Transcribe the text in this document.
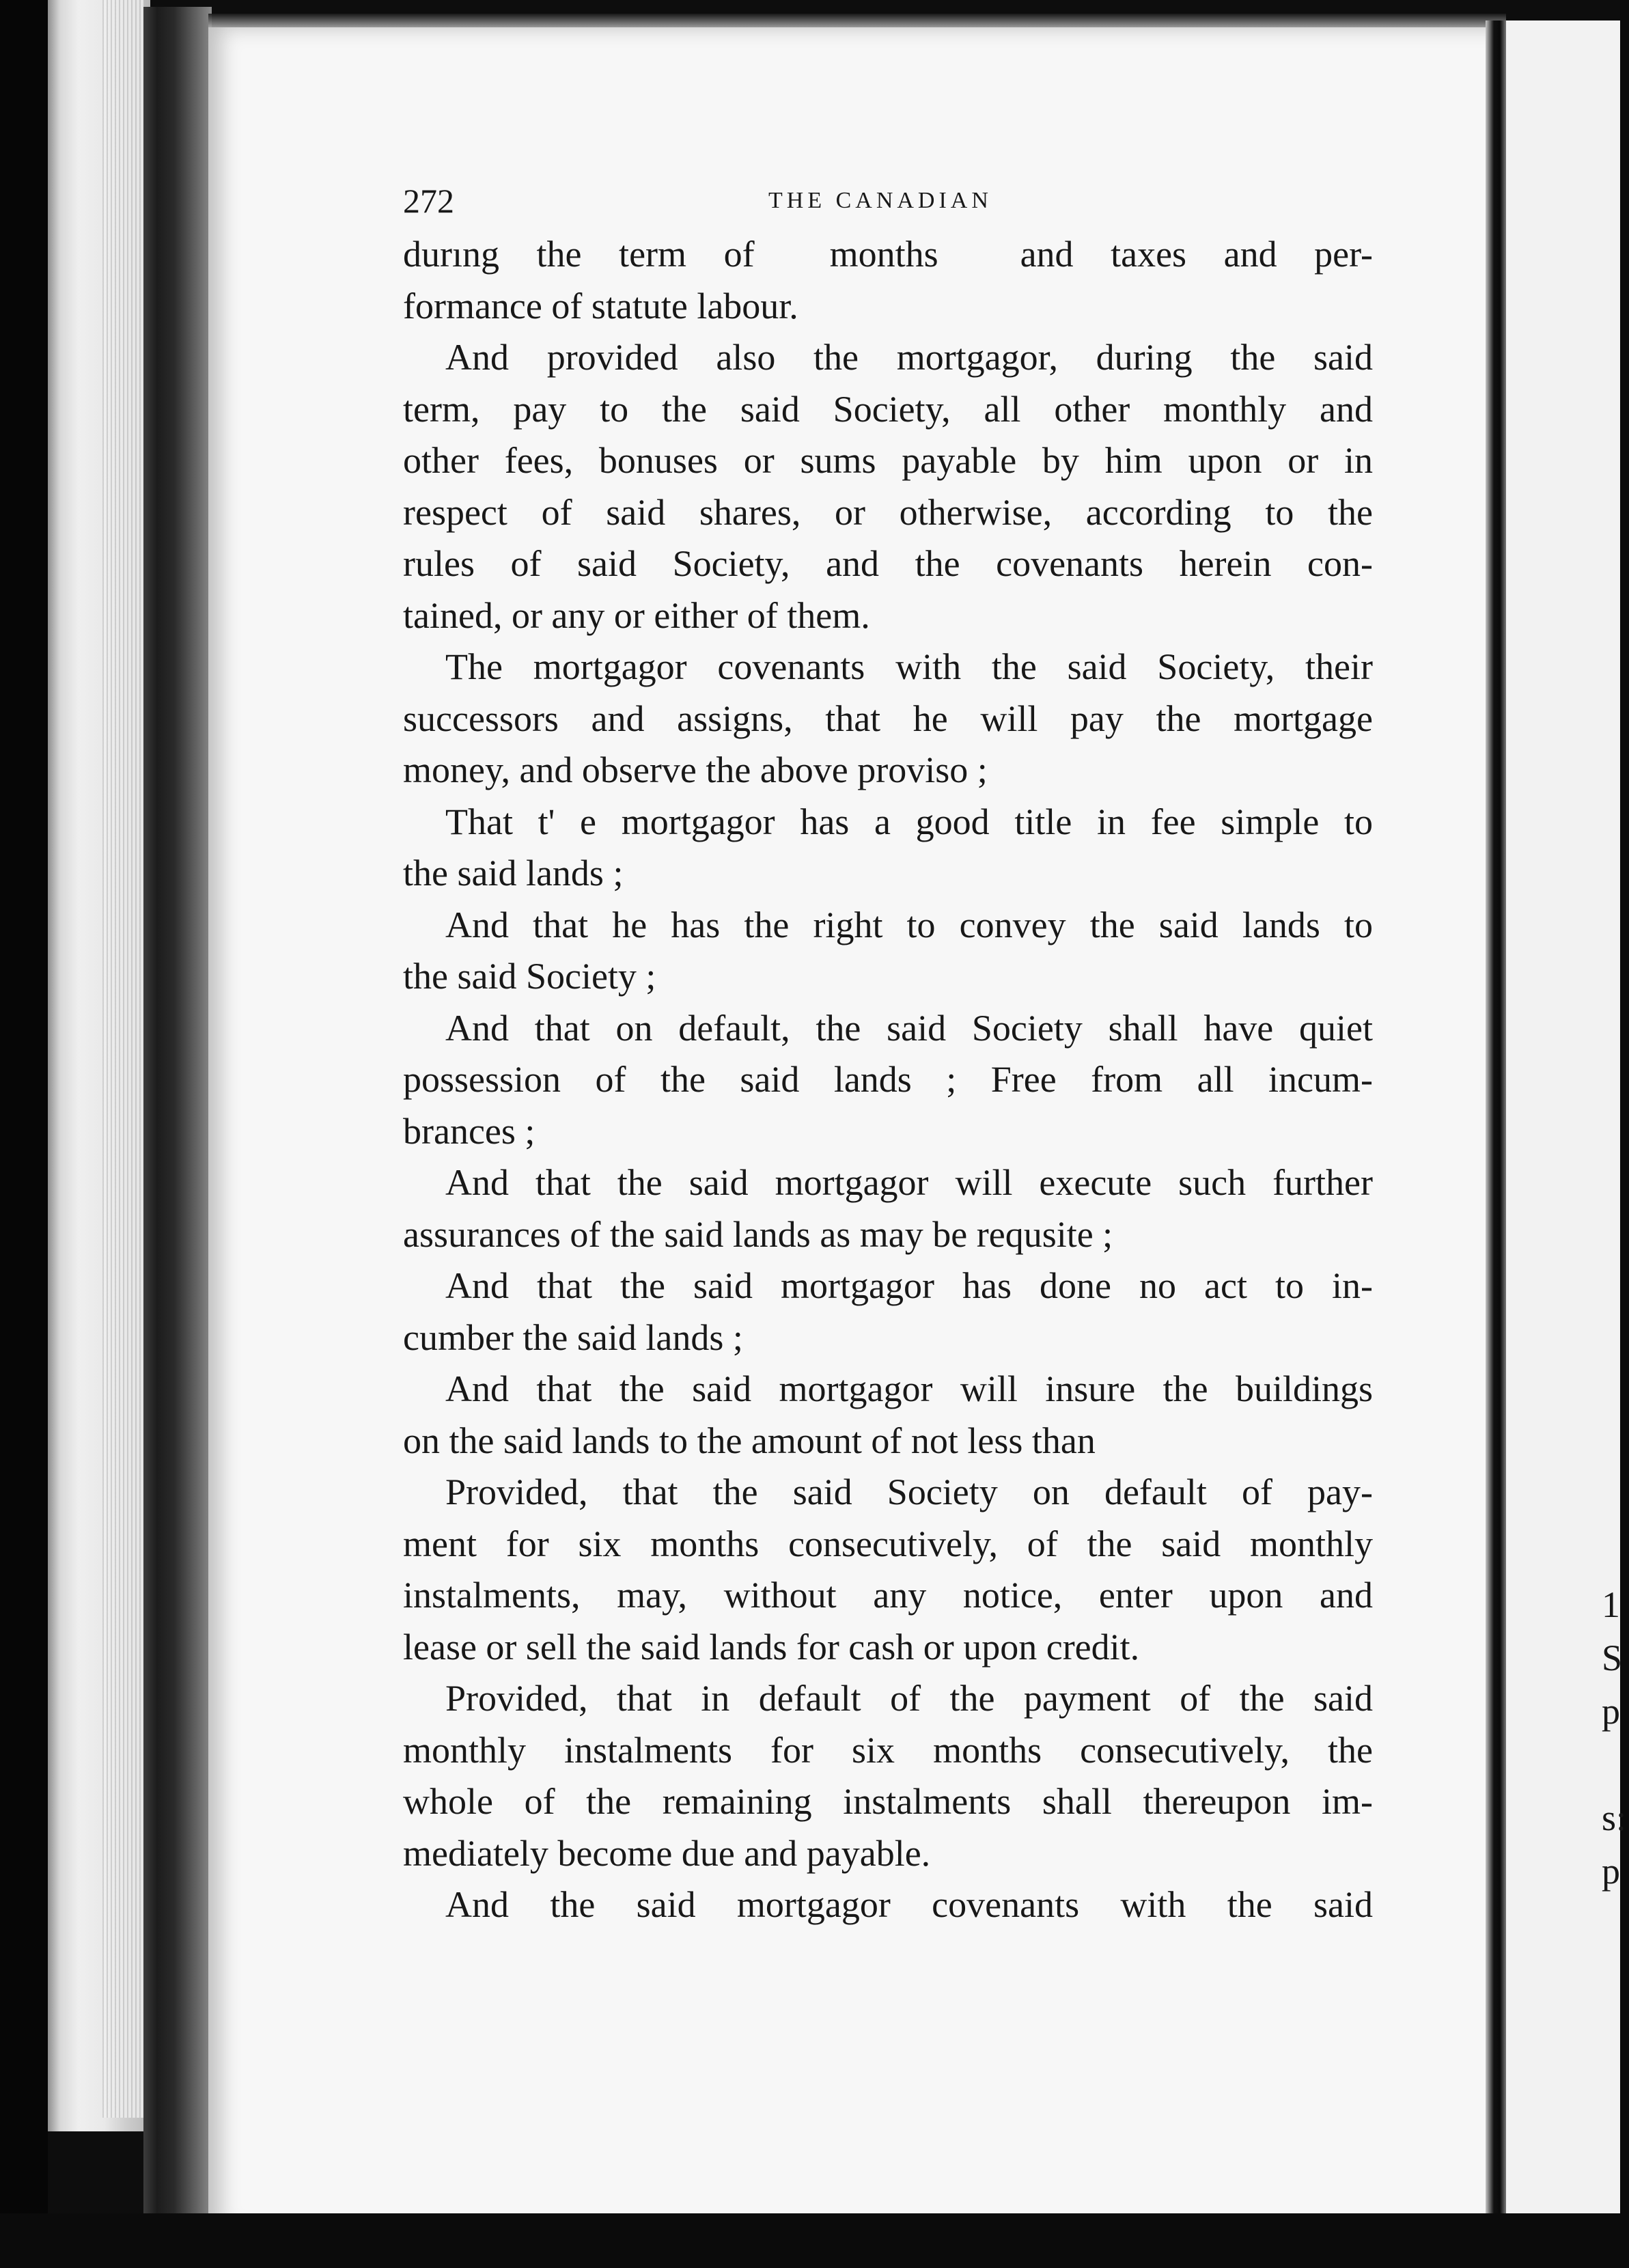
272	THE CANADIAN
durıng the term of months and taxes and per-
formance of statute labour.
And provided also the mortgagor, during the said
term, pay to the said Society, all other monthly and
other fees, bonuses or sums payable by him upon or in
respect of said shares, or otherwise, according to the
rules of said Society, and the covenants herein con-
tained, or any or either of them.
The mortgagor covenants with the said Society, their
successors and assigns, that he will pay the mortgage
money, and observe the above proviso ;
That t' e mortgagor has a good title in fee simple to
the said lands ;
And that he has the right to convey the said lands to
the said Society ;
And that on default, the said Society shall have quiet
possession of the said lands ; Free from all incum-
brances ;
And that the said mortgagor will execute such further
assurances of the said lands as may be requsite ;
And that the said mortgagor has done no act to in-
cumber the said lands ;
And that the said mortgagor will insure the buildings
on the said lands to the amount of not less than
Provided, that the said Society on default of pay-
ment for six months consecutively, of the said monthly
instalments, may, without any notice, enter upon and
lease or sell the said lands for cash or upon credit.
Provided, that in default of the payment of the said
monthly instalments for six months consecutively, the
whole of the remaining instalments shall thereupon im-
mediately become due and payable.
And the said mortgagor covenants with the said
1
S
p
s:
p
